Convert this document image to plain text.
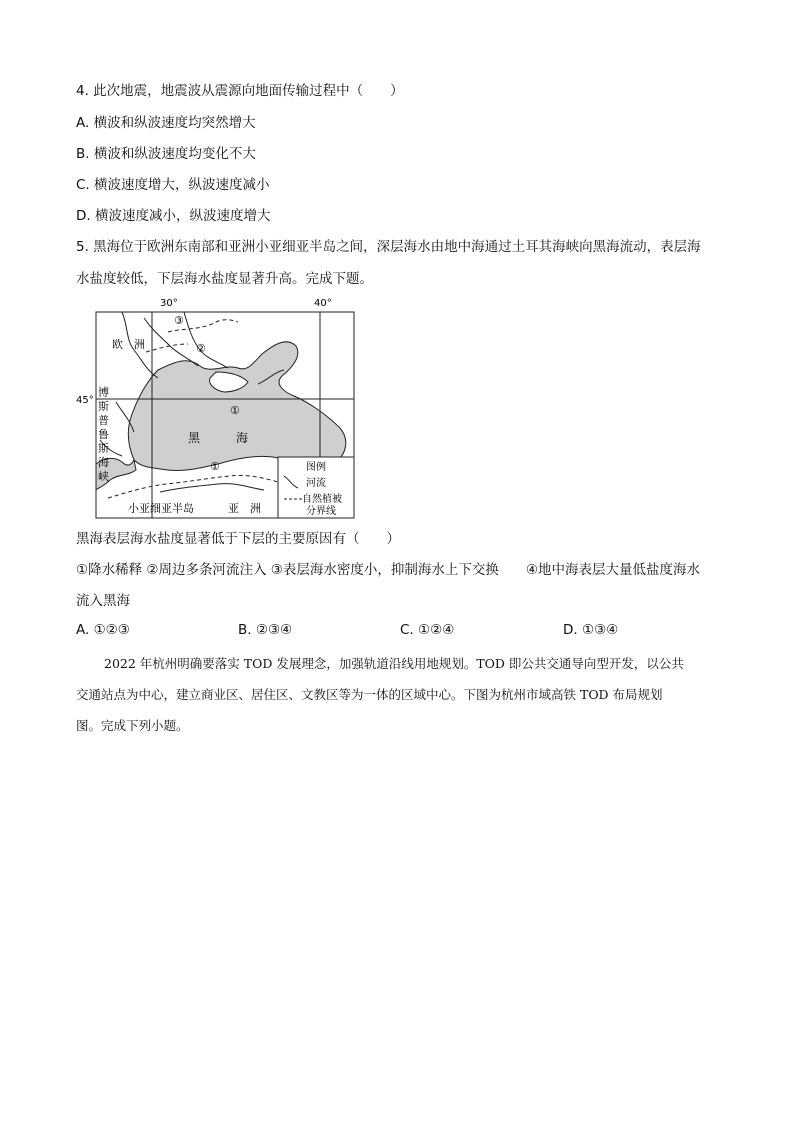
4. 此次地震，地震波从震源向地面传输过程中（　　）
A. 横波和纵波速度均突然增大
B. 横波和纵波速度均变化不大
C. 横波速度增大，纵波速度减小
D. 横波速度减小，纵波速度增大
5. 黑海位于欧洲东南部和亚洲小亚细亚半岛之间，深层海水由地中海通过土耳其海峡向黑海流动，表层海
水盐度较低，下层海水盐度显著升高。完成下题。
30°	40°
45°
欧　洲
黑　　　海
小亚细亚半岛	亚　洲
博
斯
普
鲁
斯
海
峡
③
②
①
①	图例
河流
自然植被
分界线
黑海表层海水盐度显著低于下层的主要原因有（　　）
①降水稀释 ②周边多条河流注入 ③表层海水密度小，抑制海水上下交换　　④地中海表层大量低盐度海水
流入黑海
A. ①②③	B. ②③④	C. ①②④	D. ①③④
2022 年杭州明确要落实 TOD 发展理念，加强轨道沿线用地规划。TOD 即公共交通导向型开发，以公共
交通站点为中心，建立商业区、居住区、文教区等为一体的区域中心。下图为杭州市域高铁 TOD 布局规划
图。完成下列小题。
